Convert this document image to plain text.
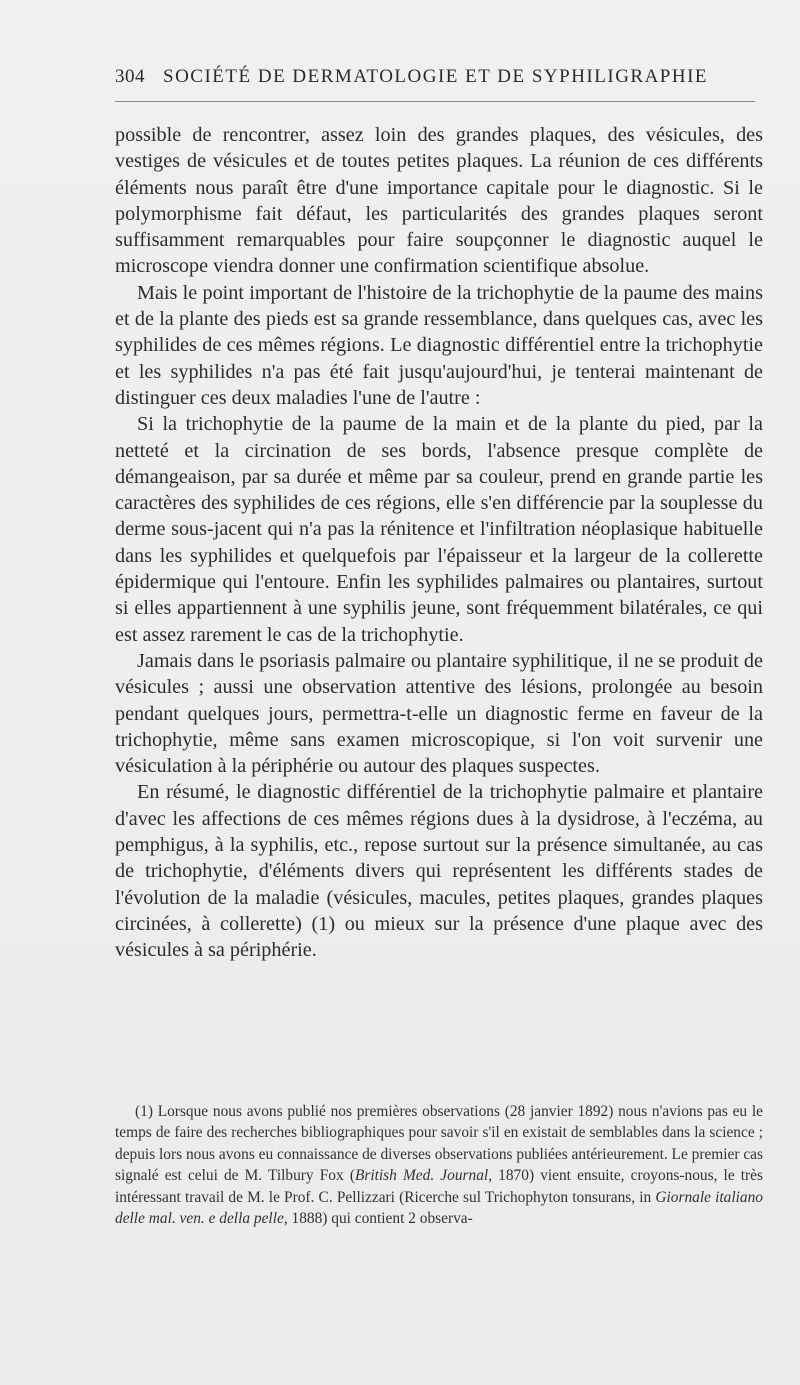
304 SOCIÉTÉ DE DERMATOLOGIE ET DE SYPHILIGRAPHIE

possible de rencontrer, assez loin des grandes plaques, des vésicules, des vestiges de vésicules et de toutes petites plaques. La réunion de ces différents éléments nous paraît être d'une importance capitale pour le diagnostic. Si le polymorphisme fait défaut, les particularités des grandes plaques seront suffisamment remarquables pour faire soupçonner le diagnostic auquel le microscope viendra donner une confirmation scientifique absolue.

Mais le point important de l'histoire de la trichophytie de la paume des mains et de la plante des pieds est sa grande ressemblance, dans quelques cas, avec les syphilides de ces mêmes régions. Le diagnostic différentiel entre la trichophytie et les syphilides n'a pas été fait jusqu'aujourd'hui, je tenterai maintenant de distinguer ces deux maladies l'une de l'autre :

Si la trichophytie de la paume de la main et de la plante du pied, par la netteté et la circination de ses bords, l'absence presque complète de démangeaison, par sa durée et même par sa couleur, prend en grande partie les caractères des syphilides de ces régions, elle s'en différencie par la souplesse du derme sous-jacent qui n'a pas la rénitence et l'infiltration néoplasique habituelle dans les syphilides et quelquefois par l'épaisseur et la largeur de la collerette épidermique qui l'entoure. Enfin les syphilides palmaires ou plantaires, surtout si elles appartiennent à une syphilis jeune, sont fréquemment bilatérales, ce qui est assez rarement le cas de la trichophytie.

Jamais dans le psoriasis palmaire ou plantaire syphilitique, il ne se produit de vésicules ; aussi une observation attentive des lésions, prolongée au besoin pendant quelques jours, permettra-t-elle un diagnostic ferme en faveur de la trichophytie, même sans examen microscopique, si l'on voit survenir une vésiculation à la périphérie ou autour des plaques suspectes.

En résumé, le diagnostic différentiel de la trichophytie palmaire et plantaire d'avec les affections de ces mêmes régions dues à la dysidrose, à l'eczéma, au pemphigus, à la syphilis, etc., repose surtout sur la présence simultanée, au cas de trichophytie, d'éléments divers qui représentent les différents stades de l'évolution de la maladie (vésicules, macules, petites plaques, grandes plaques circinées, à collerette) (1) ou mieux sur la présence d'une plaque avec des vésicules à sa périphérie.

(1) Lorsque nous avons publié nos premières observations (28 janvier 1892) nous n'avions pas eu le temps de faire des recherches bibliographiques pour savoir s'il en existait de semblables dans la science ; depuis lors nous avons eu connaissance de diverses observations publiées antérieurement. Le premier cas signalé est celui de M. Tilbury Fox (British Med. Journal, 1870) vient ensuite, croyons-nous, le très intéressant travail de M. le Prof. C. Pellizzari (Ricerche sul Trichophyton tonsurans, in Giornale italiano delle mal. ven. e della pelle, 1888) qui contient 2 observa-
